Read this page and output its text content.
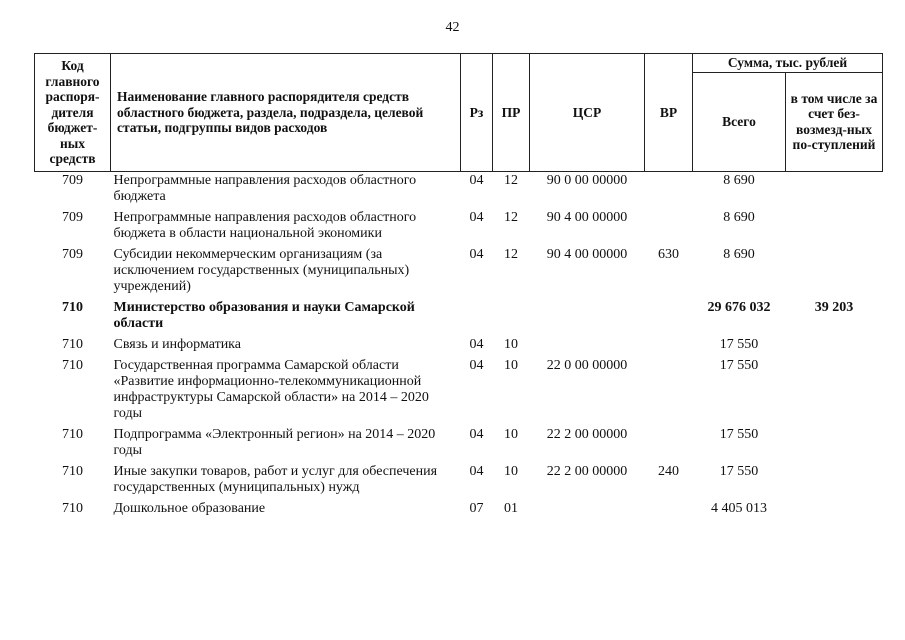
42
Код главного распоря-дителя бюджет-ных средств	Наименование главного распорядителя средств областного бюджета, раздела, подраздела, целевой статьи, подгруппы видов расходов	Рз	ПР	ЦСР	ВР	Сумма, тыс. рублей	
						Всего	в том числе за счет без-возмезд-ных по-ступлений
709	Непрограммные направления расходов областного бюджета	04	12	90 0 00 00000		8 690	
709	Непрограммные направления расходов областного бюджета в области национальной экономики	04	12	90 4 00 00000		8 690	
709	Субсидии некоммерческим организациям (за исключением государственных (муниципальных) учреждений)	04	12	90 4 00 00000	630	8 690	
710	Министерство образования и науки Самарской области					29 676 032	39 203
710	Связь и информатика	04	10			17 550	
710	Государственная программа Самарской области «Развитие информационно-телекоммуникационной инфраструктуры Самарской области» на 2014 – 2020 годы	04	10	22 0 00 00000		17 550	
710	Подпрограмма «Электронный регион» на 2014 – 2020 годы	04	10	22 2 00 00000		17 550	
710	Иные закупки товаров, работ и услуг для обеспечения государственных (муниципальных) нужд	04	10	22 2 00 00000	240	17 550	
710	Дошкольное образование	07	01			4 405 013	
